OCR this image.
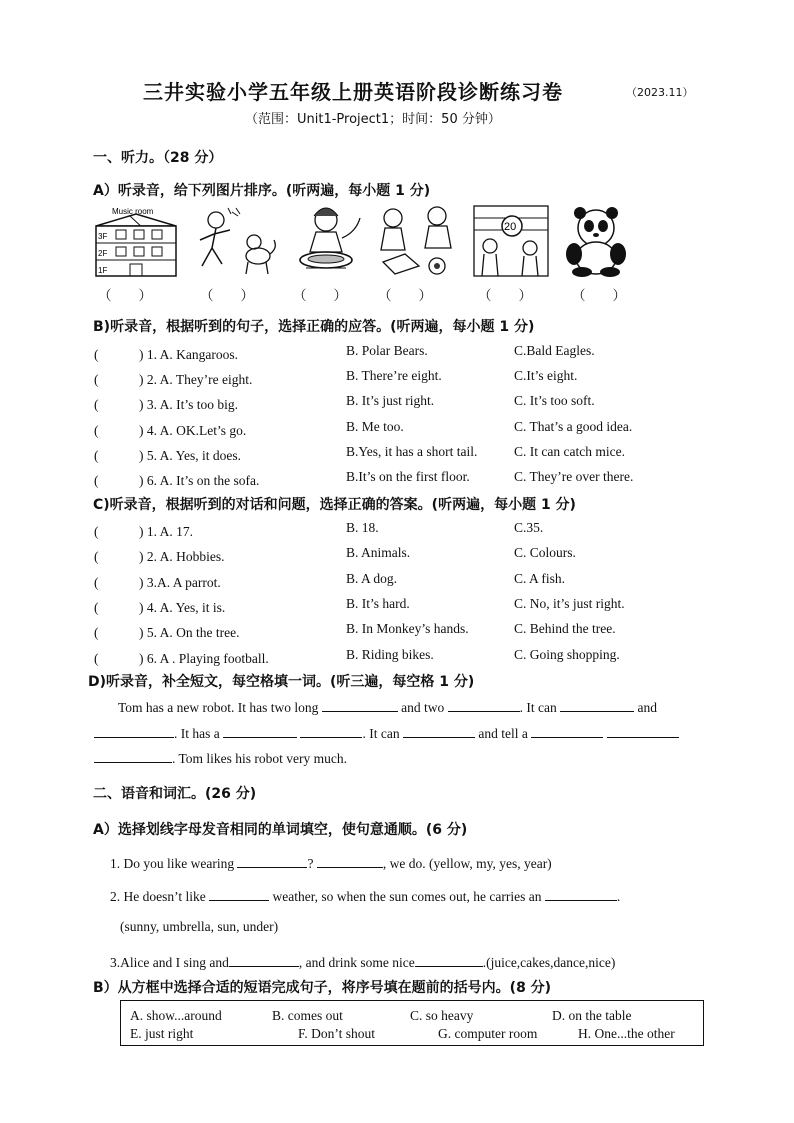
三井实验小学五年级上册英语阶段诊断练习卷	（2023.11）
（范围：Unit1-Project1；时间：50 分钟）
一、听力。（28 分）
A）听录音，给下列图片排序。(听两遍，每小题 1 分)
Music room
3F
2F
1F
20
（　　）	（　　）	（　　） （　　）	（　　）	（　　）
B)听录音，根据听到的句子，选择正确的应答。(听两遍，每小题 1 分)
(　　　) 1. A. Kangaroos.	B. Polar Bears.	C.Bald Eagles.
(　　　) 2. A. They’re eight.	B. There’re eight.	C.It’s eight.
(　　　) 3. A. It’s too big.	B. It’s just right.	C. It’s too soft.
(　　　) 4. A. OK.Let’s go.	B. Me too.	C. That’s a good idea.
(　　　) 5. A. Yes, it does.	B.Yes, it has a short tail.	C. It can catch mice.
(　　　) 6. A. It’s on the sofa.	B.It’s on the first floor.	C. They’re over there.
C)听录音，根据听到的对话和问题，选择正确的答案。(听两遍，每小题 1 分)
(　　　) 1. A. 17.	B. 18.	C.35.
(　　　) 2. A. Hobbies.	B. Animals.	C. Colours.
(　　　) 3.A. A parrot.	B. A dog.	C. A fish.
(　　　) 4. A. Yes, it is.	B. It’s hard.	C. No, it’s just right.
(　　　) 5. A. On the tree.	B. In Monkey’s hands.	C. Behind the tree.
(　　　) 6. A . Playing football.	B. Riding bikes.	C. Going shopping.
D)听录音，补全短文，每空格填一词。(听三遍，每空格 1 分)
Tom has a new robot. It has two long	and two	. It can	and
. It has a	. It can	and tell a
. Tom likes his robot very much.
二、语音和词汇。(26 分)
A）选择划线字母发音相同的单词填空，使句意通顺。(6 分)
1. Do you like wearing	?	, we do. (yellow, my, yes, year)
2. He doesn’t like	weather, so when the sun comes out, he carries an	.
(sunny, umbrella, sun, under)
3.Alice and I sing and	, and drink some nice	.(juice,cakes,dance,nice)
B）从方框中选择合适的短语完成句子，将序号填在题前的括号内。(8 分)
A. show...around	B. comes out	C. so heavy	D. on the table
E. just right	F. Don’t shout	G. computer room	H. One...the other
